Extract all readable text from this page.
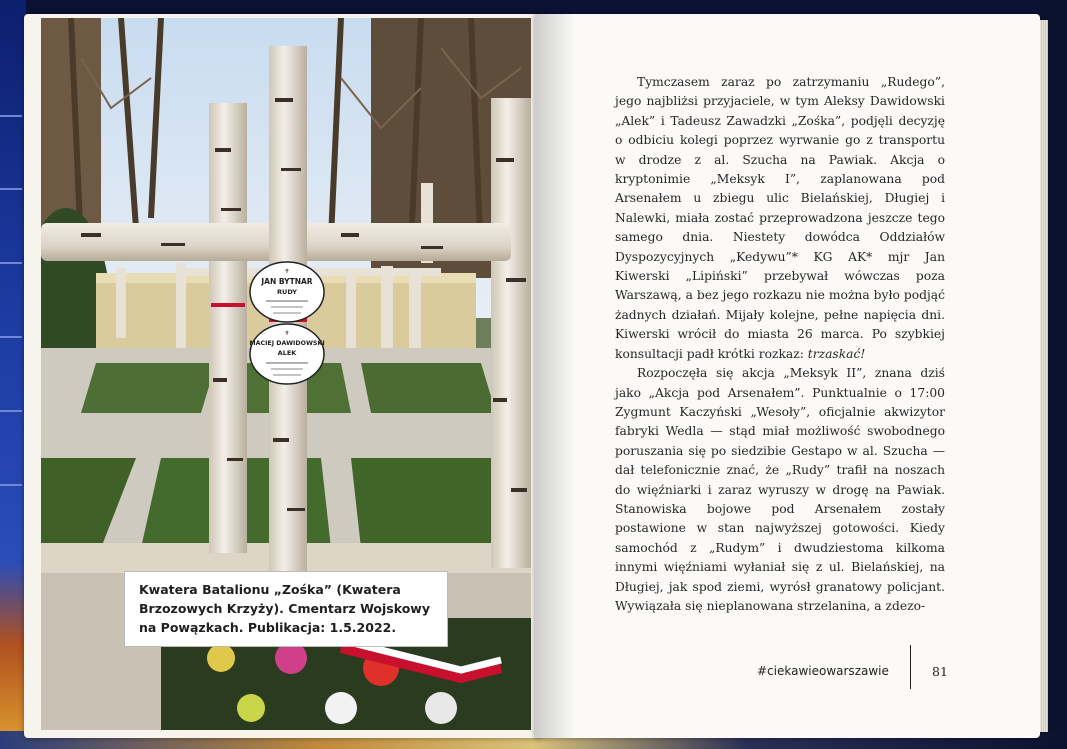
✝
JAN BYTNAR
RUDY
✝
MACIEJ DAWIDOWSKI
ALEK
Kwatera Batalionu „Zośka” (Kwatera Brzozowych Krzyży). Cmentarz Wojskowy na Powązkach. Publikacja: 1.5.2022.

Tymczasem zaraz po zatrzymaniu „Rudego”, jego najbliżsi przyjaciele, w tym Aleksy Dawidowski „Alek” i Tadeusz Zawadzki „Zośka”, podjęli decyzję o odbiciu kolegi poprzez wyrwanie go z transportu w drodze z al. Szucha na Pawiak. Akcja o kryptonimie „Meksyk I”, zaplanowana pod Arsenałem u zbiegu ulic Bielańskiej, Długiej i Nalewki, miała zostać przeprowadzona jeszcze tego samego dnia. Niestety dowódca Oddziałów Dyspozycyjnych „Kedywu”* KG AK* mjr Jan Kiwerski „Lipiński” przebywał wówczas poza Warszawą, a bez jego rozkazu nie można było podjąć żadnych działań. Mijały kolejne, pełne napięcia dni. Kiwerski wrócił do miasta 26 marca. Po szybkiej konsultacji padł krótki rozkaz: trzaskać!

Rozpoczęła się akcja „Meksyk II”, znana dziś jako „Akcja pod Arsenałem”. Punktualnie o 17:00 Zygmunt Kaczyński „Wesoły”, oficjalnie akwizytor fabryki Wedla — stąd miał możliwość swobodnego poruszania się po siedzibie Gestapo w al. Szucha — dał telefonicznie znać, że „Rudy” trafił na noszach do więźniarki i zaraz wyruszy w drogę na Pawiak. Stanowiska bojowe pod Arsenałem zostały postawione w stan najwyższej gotowości. Kiedy samochód z „Rudym” i dwudziestoma kilkoma innymi więźniami wyłaniał się z ul. Bielańskiej, na Długiej, jak spod ziemi, wyrósł granatowy policjant. Wywiązała się nieplanowana strzelanina, a zdezo-

#ciekawieowarszawie	81
